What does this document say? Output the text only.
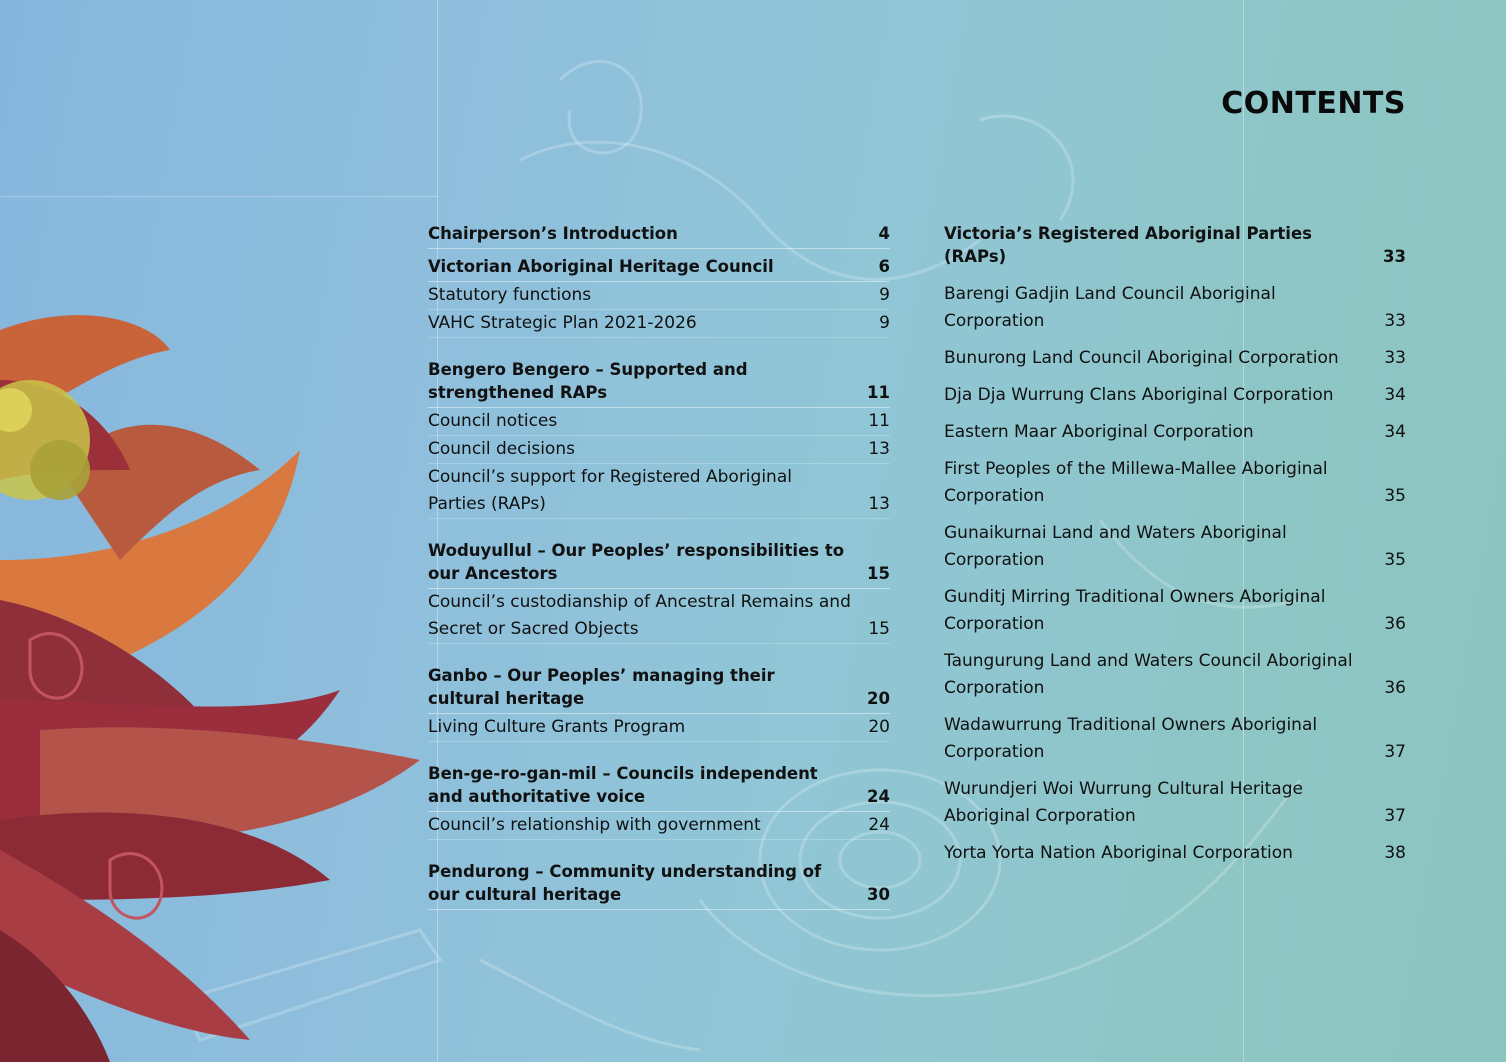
CONTENTS
Chairperson’s Introduction	4
Victorian Aboriginal Heritage Council	6
Statutory functions	9
VAHC Strategic Plan 2021-2026	9
Bengero Bengero – Supported and strengthened RAPs	11
Council notices	11
Council decisions	13
Council’s support for Registered Aboriginal Parties (RAPs)	13
Woduyullul – Our Peoples’ responsibilities to our Ancestors	15
Council’s custodianship of Ancestral Remains and Secret or Sacred Objects	15
Ganbo – Our Peoples’ managing their cultural heritage	20
Living Culture Grants Program	20
Ben-ge-ro-gan-mil – Councils independent and authoritative voice	24
Council’s relationship with government	24
Pendurong – Community understanding of our cultural heritage	30
Victoria’s Registered Aboriginal Parties (RAPs)	33
Barengi Gadjin Land Council Aboriginal Corporation	33
Bunurong Land Council Aboriginal Corporation	33
Dja Dja Wurrung Clans Aboriginal Corporation	34
Eastern Maar Aboriginal Corporation	34
First Peoples of the Millewa-Mallee Aboriginal Corporation	35
Gunaikurnai Land and Waters Aboriginal Corporation	35
Gunditj Mirring Traditional Owners Aboriginal Corporation	36
Taungurung Land and Waters Council Aboriginal Corporation	36
Wadawurrung Traditional Owners Aboriginal Corporation	37
Wurundjeri Woi Wurrung Cultural Heritage Aboriginal Corporation	37
Yorta Yorta Nation Aboriginal Corporation	38
